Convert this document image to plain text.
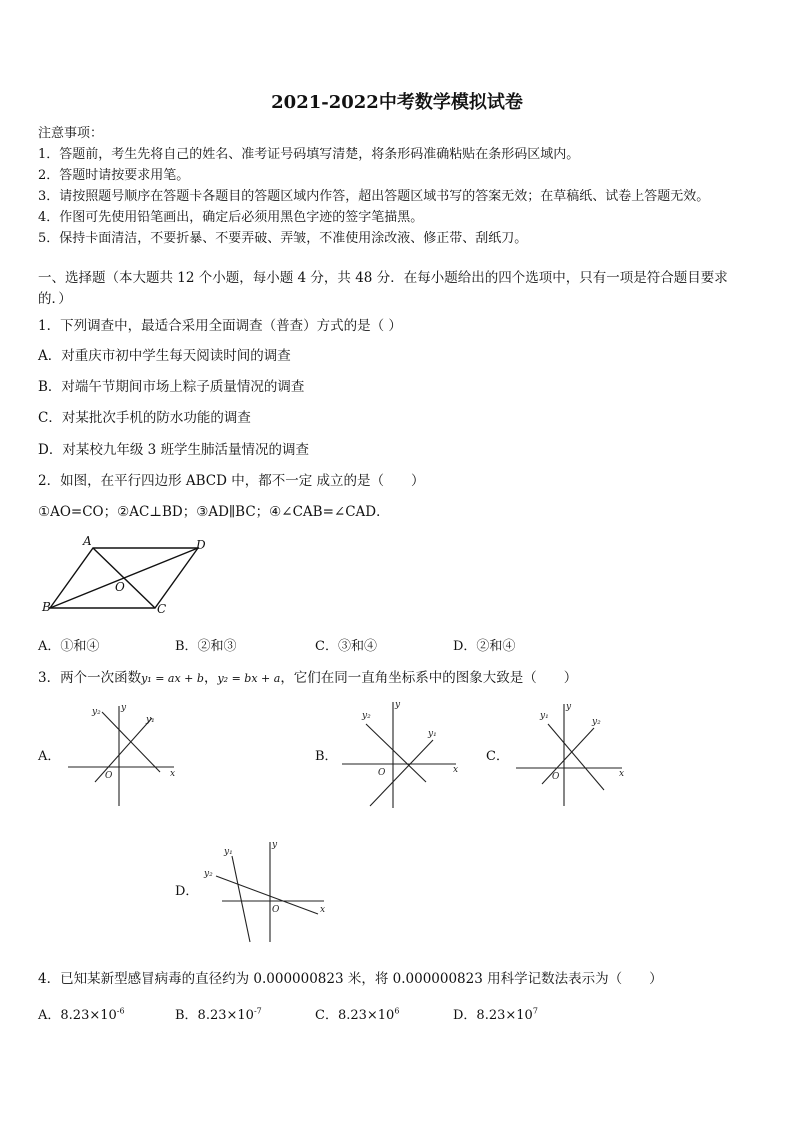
2021-2022中考数学模拟试卷
注意事项：
1．答题前，考生先将自己的姓名、准考证号码填写清楚，将条形码准确粘贴在条形码区域内。
2．答题时请按要求用笔。
3．请按照题号顺序在答题卡各题目的答题区域内作答，超出答题区域书写的答案无效；在草稿纸、试卷上答题无效。
4．作图可先使用铅笔画出，确定后必须用黑色字迹的签字笔描黑。
5．保持卡面清洁，不要折暴、不要弄破、弄皱，不准使用涂改液、修正带、刮纸刀。
一、选择题（本大题共 12 个小题，每小题 4 分，共 48 分．在每小题给出的四个选项中，只有一项是符合题目要求
的．）
1．下列调查中，最适合采用全面调查（普查）方式的是（ ）
A．对重庆市初中学生每天阅读时间的调查
B．对端午节期间市场上粽子质量情况的调查
C．对某批次手机的防水功能的调查
D．对某校九年级 3 班学生肺活量情况的调查
2．如图，在平行四边形 ABCD 中，都不一定 成立的是（　　）
①AO=CO；②AC⊥BD；③AD∥BC；④∠CAB=∠CAD．
A	D
B	C
O
A．①和④	B．②和③	C．③和④	D．②和④
3．两个一次函数y₁ = ax + b，y₂ = bx + a，它们在同一直角坐标系中的图象大致是（　　）
A．
x
y
y₂
y₁
O
B．
x
y
y₂
y₁
O
C．
x
y
y₁
y₂
O
D．
x
y
y₁
y₂
O
4．已知某新型感冒病毒的直径约为 0.000000823 米，将 0.000000823 用科学记数法表示为（　　）
A．$8.23\times 10^{-6}$	B．$8.23\times 10^{-7}$	C．$8.23\times 10^6$	D．$8.23\times 10^7$
